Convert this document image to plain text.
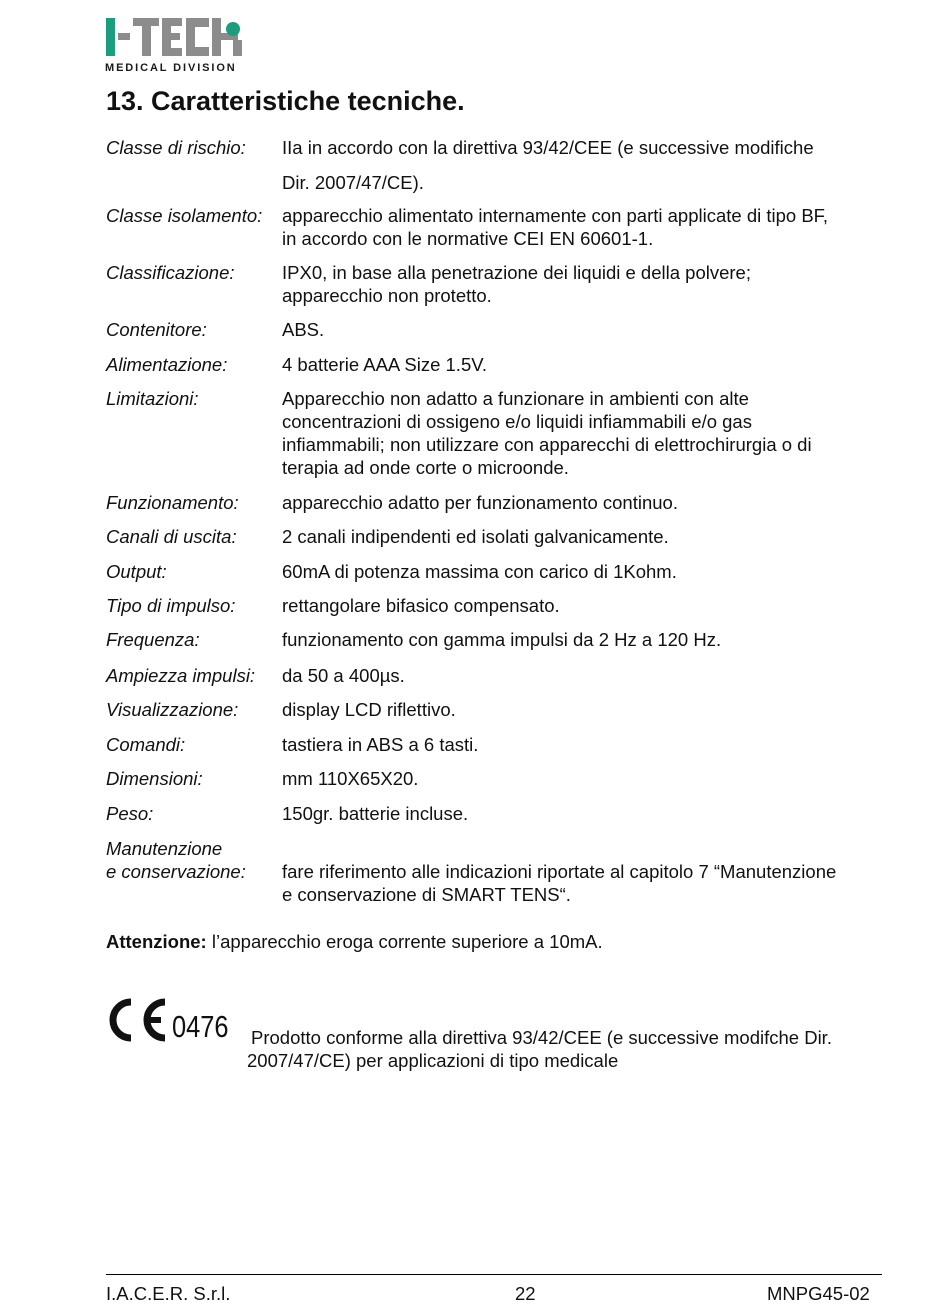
MEDICAL DIVISION
13. Caratteristiche tecniche.
Classe di rischio: IIa in accordo con la direttiva 93/42/CEE (e successive modifiche
Dir. 2007/47/CE).
Classe isolamento: apparecchio alimentato internamente con parti applicate di tipo BF,
in accordo con le normative CEI EN 60601-1.
Classificazione:	IPX0, in base alla penetrazione dei liquidi e della polvere;
apparecchio non protetto.
Contenitore:	ABS.
Alimentazione:	4 batterie AAA Size 1.5V.
Limitazioni:	Apparecchio non adatto a funzionare in ambienti con alte
concentrazioni di ossigeno e/o liquidi infiammabili e/o gas
infiammabili; non utilizzare con apparecchi di elettrochirurgia o di
terapia ad onde corte o microonde.
Funzionamento: apparecchio adatto per funzionamento continuo.
Canali di uscita: 2 canali indipendenti ed isolati galvanicamente.
Output:	60mA di potenza massima con carico di 1Kohm.
Tipo di impulso:	rettangolare bifasico compensato.
Frequenza:	funzionamento con gamma impulsi da 2 Hz a 120 Hz.
Ampiezza impulsi: da 50 a 400µs.
Visualizzazione: display LCD riflettivo.
Comandi:	tastiera in ABS a 6 tasti.
Dimensioni:	mm 110X65X20.
Peso:	150gr. batterie incluse.
Manutenzione
e conservazione: fare riferimento alle indicazioni riportate al capitolo 7 “Manutenzione
e conservazione di SMART TENS“.
Attenzione: l’apparecchio eroga corrente superiore a 10mA.
0476 Prodotto conforme alla direttiva 93/42/CEE (e successive modifche Dir.
2007/47/CE) per applicazioni di tipo medicale
I.A.C.E.R. S.r.l.	22	MNPG45-02
